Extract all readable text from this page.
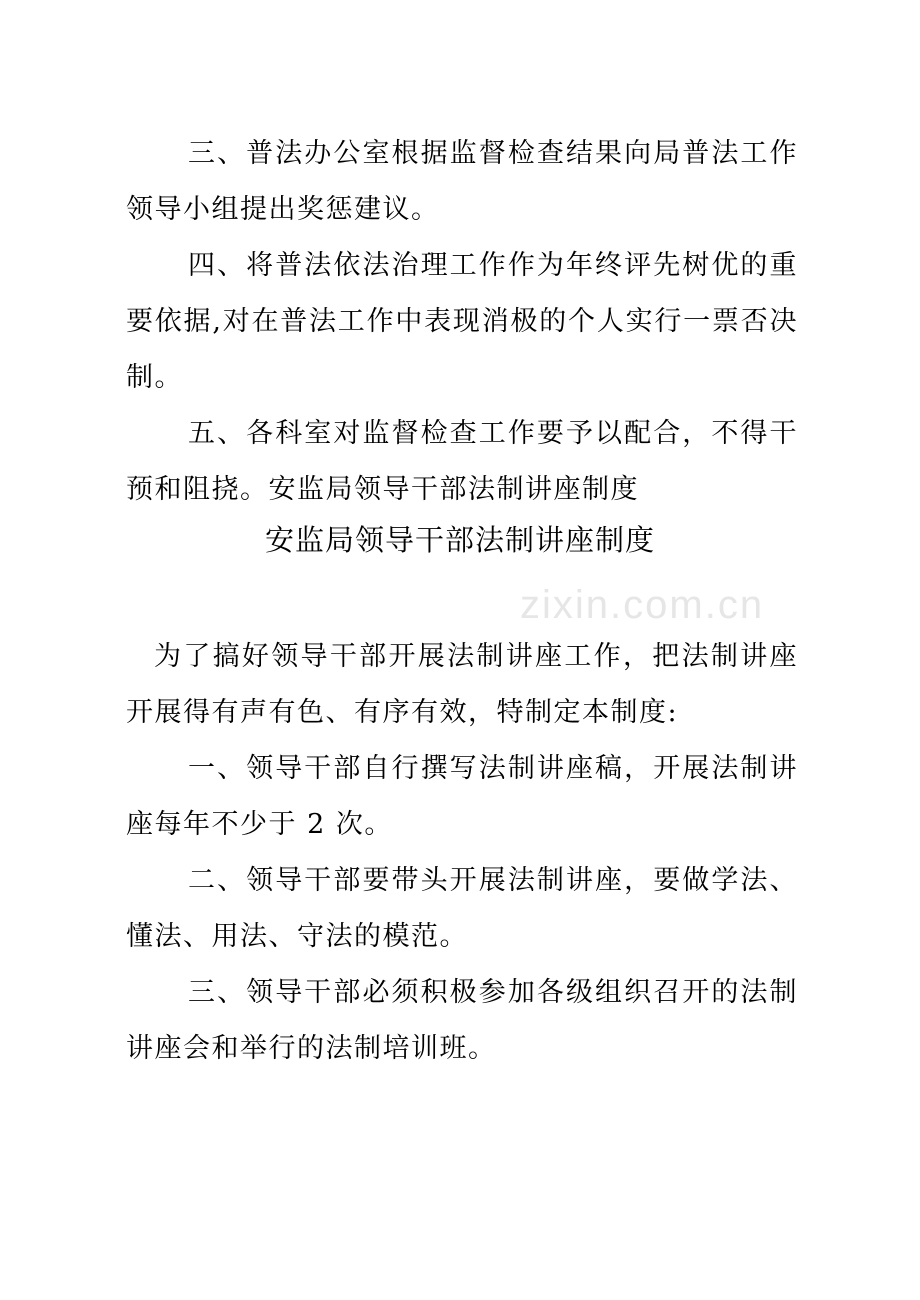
三、普法办公室根据监督检查结果向局普法工作领导小组提出奖惩建议。

四、将普法依法治理工作作为年终评先树优的重要依据,对在普法工作中表现消极的个人实行一票否决制。

五、各科室对监督检查工作要予以配合，不得干预和阻挠。安监局领导干部法制讲座制度

安监局领导干部法制讲座制度
zixin.com.cn

为了搞好领导干部开展法制讲座工作，把法制讲座开展得有声有色、有序有效，特制定本制度:

一、领导干部自行撰写法制讲座稿，开展法制讲座每年不少于 2 次。

二、领导干部要带头开展法制讲座，要做学法、懂法、用法、守法的模范。

三、领导干部必须积极参加各级组织召开的法制讲座会和举行的法制培训班。
